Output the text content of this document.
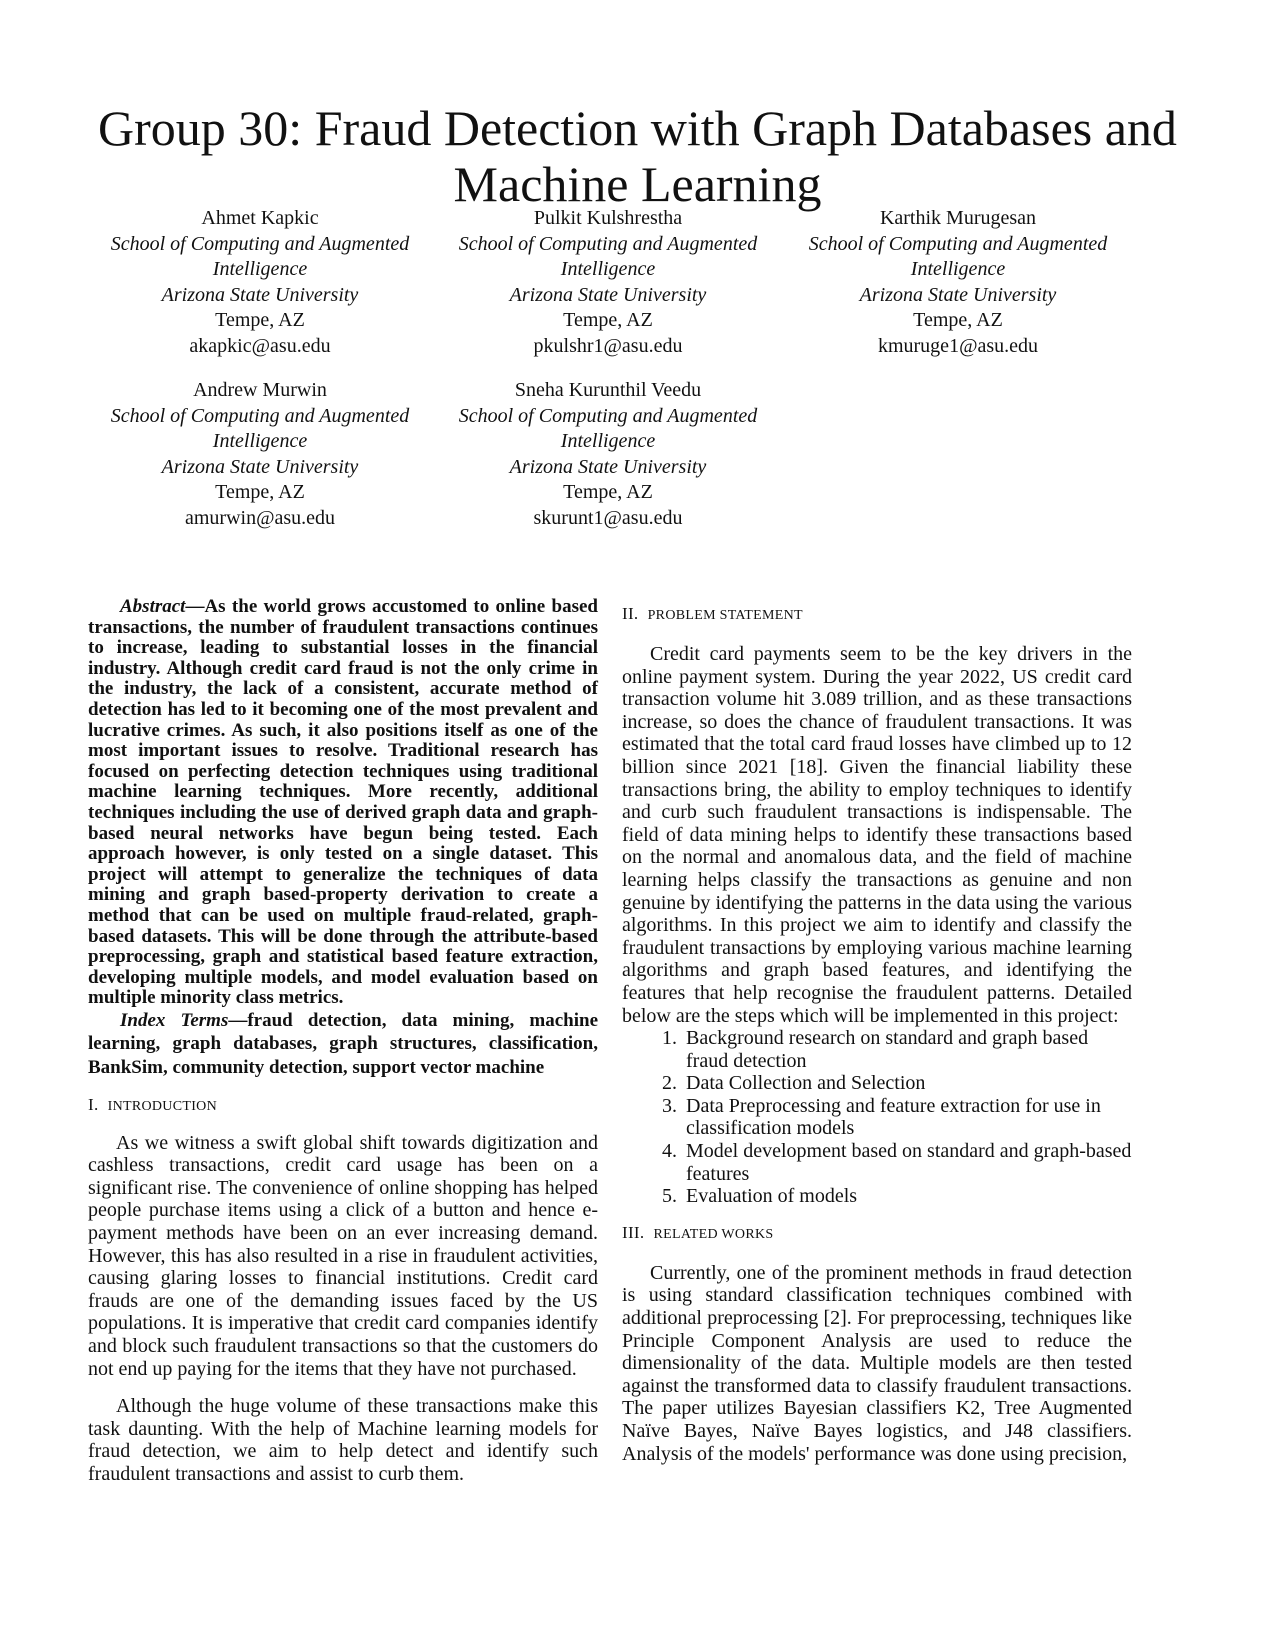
Group 30: Fraud Detection with Graph Databases and Machine Learning
Ahmet Kapkic
School of Computing and Augmented
Intelligence
Arizona State University
Tempe, AZ
akapkic@asu.edu
Pulkit Kulshrestha
School of Computing and Augmented
Intelligence
Arizona State University
Tempe, AZ
pkulshr1@asu.edu
Karthik Murugesan
School of Computing and Augmented
Intelligence
Arizona State University
Tempe, AZ
kmuruge1@asu.edu
Andrew Murwin
School of Computing and Augmented
Intelligence
Arizona State University
Tempe, AZ
amurwin@asu.edu
Sneha Kurunthil Veedu
School of Computing and Augmented
Intelligence
Arizona State University
Tempe, AZ
skurunt1@asu.edu

Abstract—As the world grows accustomed to online based transactions, the number of fraudulent transactions continues to increase, leading to substantial losses in the financial industry. Although credit card fraud is not the only crime in the industry, the lack of a consistent, accurate method of detection has led to it becoming one of the most prevalent and lucrative crimes. As such, it also positions itself as one of the most important issues to resolve. Traditional research has focused on perfecting detection techniques using traditional machine learning techniques. More recently, additional techniques including the use of derived graph data and graph-based neural networks have begun being tested. Each approach however, is only tested on a single dataset. This project will attempt to generalize the techniques of data mining and graph based-property derivation to create a method that can be used on multiple fraud-related, graph-based datasets. This will be done through the attribute-based preprocessing, graph and statistical based feature extraction, developing multiple models, and model evaluation based on multiple minority class metrics.

Index Terms—fraud detection, data mining, machine learning, graph databases, graph structures, classification, BankSim, community detection, support vector machine

I. INTRODUCTION

As we witness a swift global shift towards digitization and cashless transactions, credit card usage has been on a significant rise. The convenience of online shopping has helped people purchase items using a click of a button and hence e-payment methods have been on an ever increasing demand. However, this has also resulted in a rise in fraudulent activities, causing glaring losses to financial institutions. Credit card frauds are one of the demanding issues faced by the US populations. It is imperative that credit card companies identify and block such fraudulent transactions so that the customers do not end up paying for the items that they have not purchased.

Although the huge volume of these transactions make this task daunting. With the help of Machine learning models for fraud detection, we aim to help detect and identify such fraudulent transactions and assist to curb them.

II. PROBLEM STATEMENT

Credit card payments seem to be the key drivers in the online payment system. During the year 2022, US credit card transaction volume hit 3.089 trillion, and as these transactions increase, so does the chance of fraudulent transactions. It was estimated that the total card fraud losses have climbed up to 12 billion since 2021 [18]. Given the financial liability these transactions bring, the ability to employ techniques to identify and curb such fraudulent transactions is indispensable. The field of data mining helps to identify these transactions based on the normal and anomalous data, and the field of machine learning helps classify the transactions as genuine and non genuine by identifying the patterns in the data using the various algorithms. In this project we aim to identify and classify the fraudulent transactions by employing various machine learning algorithms and graph based features, and identifying the features that help recognise the fraudulent patterns. Detailed below are the steps which will be implemented in this project:

1. Background research on standard and graph based fraud detection
2. Data Collection and Selection
3. Data Preprocessing and feature extraction for use in classification models
4. Model development based on standard and graph-based features
5. Evaluation of models

III. RELATED WORKS

Currently, one of the prominent methods in fraud detection is using standard classification techniques combined with additional preprocessing [2]. For preprocessing, techniques like Principle Component Analysis are used to reduce the dimensionality of the data. Multiple models are then tested against the transformed data to classify fraudulent transactions. The paper utilizes Bayesian classifiers K2, Tree Augmented Naïve Bayes, Naïve Bayes logistics, and J48 classifiers. Analysis of the models' performance was done using precision,
